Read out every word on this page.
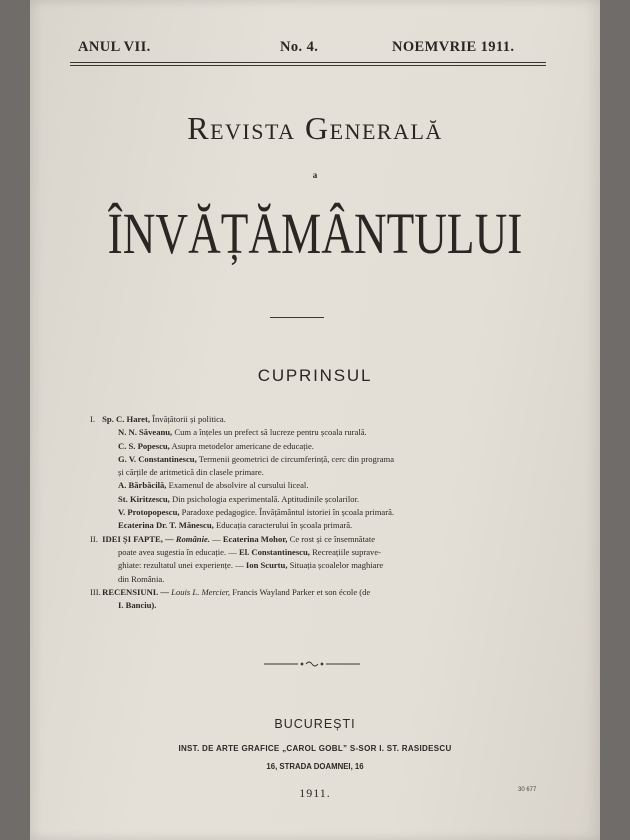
ANUL VII.	No. 4.	NOEMVRIE 1911.
Revista Generală
a
ÎNVĂȚĂMÂNTULUI
CUPRINSUL
I. Sp. C. Haret, Învățătorii și politica.
N. N. Săveanu, Cum a înțeles un prefect să lucreze pentru școala rurală.
C. S. Popescu, Asupra metodelor americane de educație.
G. V. Constantinescu, Termenii geometrici de circumferință, cerc din programa
și cărțile de aritmetică din clasele primare.
A. Bărbăcilă, Examenul de absolvire al cursului liceal.
St. Kiritzescu, Din psichologia experimentală. Aptitudinile școlarilor.
V. Protopopescu, Paradoxe pedagogice. Învățământul istoriei în școala primară.
Ecaterina Dr. T. Mănescu, Educația caracterului în școala primară.
II. IDEI ȘI FAPTE, — Românie. — Ecaterina Mohor, Ce rost și ce însemnătate
poate avea sugestia în educație. — El. Constantinescu, Recreațiile suprave-
ghiate: rezultatul unei experiențe. — Ion Scurtu, Situația școalelor maghiare
din România.
III. RECENSIUNI. — Louis L. Mercier, Francis Wayland Parker et son école (de
I. Banciu).
BUCUREȘTI
INST. DE ARTE GRAFICE „CAROL GOBL” S-SOR I. ST. RASIDESCU
16, STRADA DOAMNEI, 16
1911.	30 677
